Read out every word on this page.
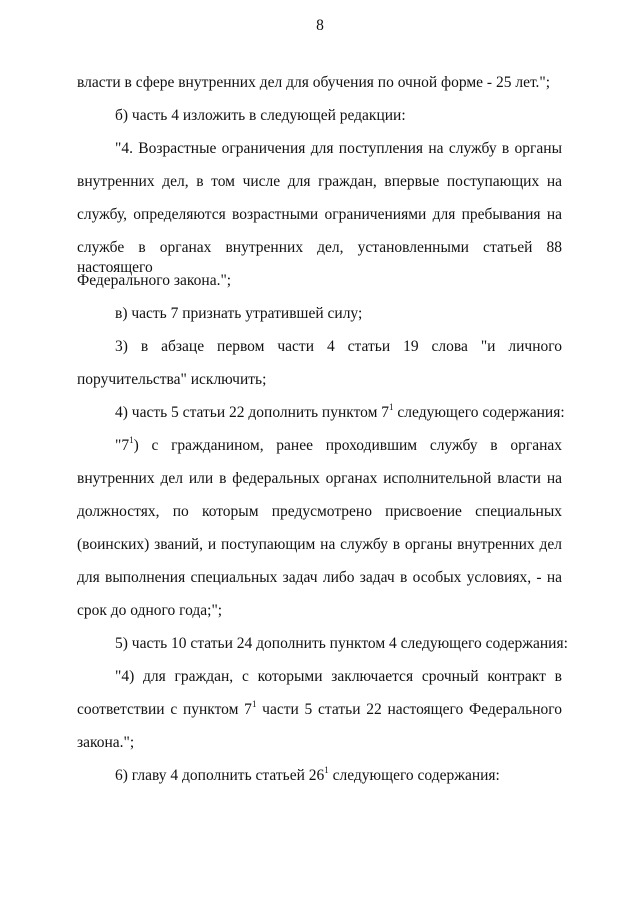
8
власти в сфере внутренних дел для обучения по очной форме - 25 лет.";
б) часть 4 изложить в следующей редакции:
"4. Возрастные ограничения для поступления на службу в органы
внутренних дел, в том числе для граждан, впервые поступающих на
службу, определяются возрастными ограничениями для пребывания на
службе в органах внутренних дел, установленными статьей 88 настоящего
Федерального закона.";
в) часть 7 признать утратившей силу;
3) в абзаце первом части 4 статьи 19 слова "и личного
поручительства" исключить;
4) часть 5 статьи 22 дополнить пунктом $7^1$ следующего содержания:
"$7^1$) с гражданином, ранее проходившим службу в органах
внутренних дел или в федеральных органах исполнительной власти на
должностях, по которым предусмотрено присвоение специальных
(воинских) званий, и поступающим на службу в органы внутренних дел
для выполнения специальных задач либо задач в особых условиях, - на
срок до одного года;";
5) часть 10 статьи 24 дополнить пунктом 4 следующего содержания:
"4) для граждан, с которыми заключается срочный контракт в
соответствии с пунктом $7^1$ части 5 статьи 22 настоящего Федерального
закона.";
6) главу 4 дополнить статьей $26^1$ следующего содержания:
